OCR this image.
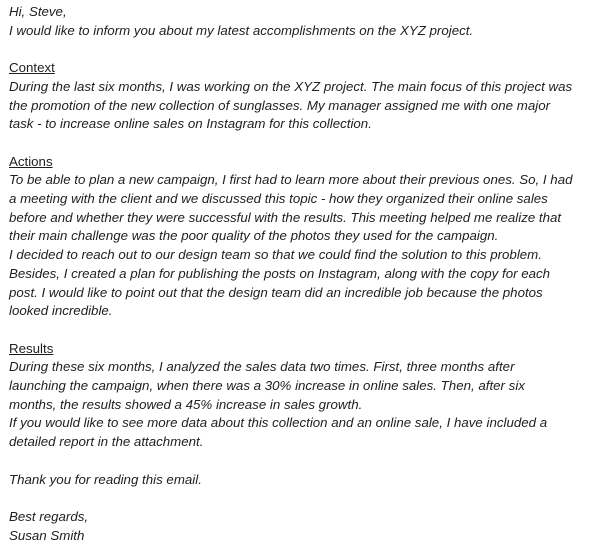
Hi, Steve,
I would like to inform you about my latest accomplishments on the XYZ project.
Context
During the last six months, I was working on the XYZ project. The main focus of this project was
the promotion of the new collection of sunglasses. My manager assigned me with one major
task - to increase online sales on Instagram for this collection.
Actions
To be able to plan a new campaign, I first had to learn more about their previous ones. So, I had
a meeting with the client and we discussed this topic - how they organized their online sales
before and whether they were successful with the results. This meeting helped me realize that
their main challenge was the poor quality of the photos they used for the campaign.
I decided to reach out to our design team so that we could find the solution to this problem.
Besides, I created a plan for publishing the posts on Instagram, along with the copy for each
post. I would like to point out that the design team did an incredible job because the photos
looked incredible.
Results
During these six months, I analyzed the sales data two times. First, three months after
launching the campaign, when there was a 30% increase in online sales. Then, after six
months, the results showed a 45% increase in sales growth.
If you would like to see more data about this collection and an online sale, I have included a
detailed report in the attachment.
Thank you for reading this email.
Best regards,
Susan Smith
